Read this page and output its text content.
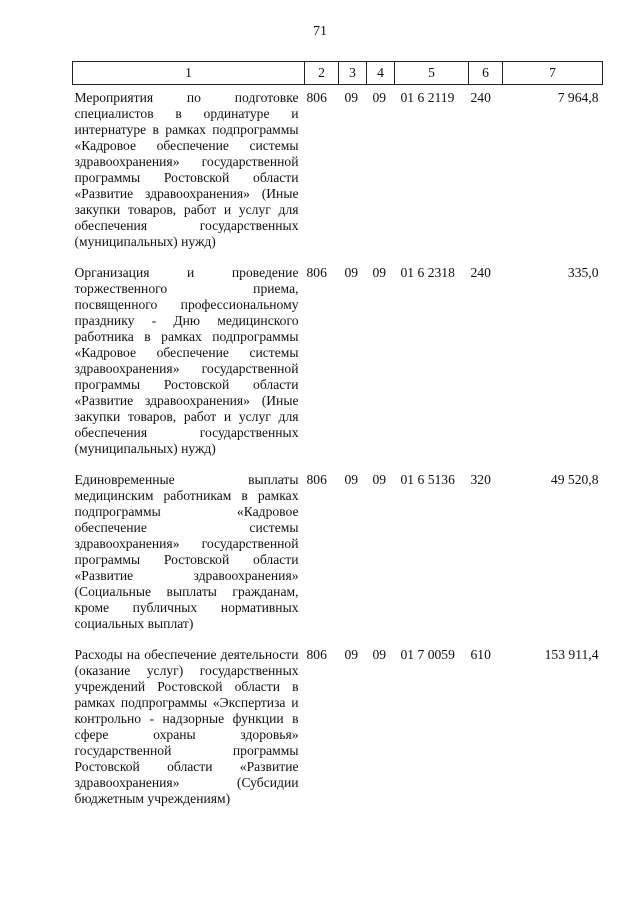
71
1	2	3	4	5	6	7
Мероприятия по подготовке специалистов в ординатуре и интернатуре в рамках подпрограммы «Кадровое обеспечение системы здравоохранения» государственной программы Ростовской области «Развитие здравоохранения» (Иные закупки товаров, работ и услуг для обеспечения государственных (муниципальных) нужд)	806	09	09	01 6 2119	240	7 964,8
Организация и проведение торжественного приема, посвященного профессиональному празднику - Дню медицинского работника в рамках подпрограммы «Кадровое обеспечение системы здравоохранения» государственной программы Ростовской области «Развитие здравоохранения» (Иные закупки товаров, работ и услуг для обеспечения государственных (муниципальных) нужд)	806	09	09	01 6 2318	240	335,0
Единовременные выплаты медицинским работникам в рамках подпрограммы «Кадровое обеспечение системы здравоохранения» государственной программы Ростовской области «Развитие здравоохранения» (Социальные выплаты гражданам, кроме публичных нормативных социальных выплат)	806	09	09	01 6 5136	320	49 520,8
Расходы на обеспечение деятельности (оказание услуг) государственных учреждений Ростовской области в рамках подпрограммы «Экспертиза и контрольно - надзорные функции в сфере охраны здоровья» государственной программы Ростовской области «Развитие здравоохранения» (Субсидии бюджетным учреждениям)	806	09	09	01 7 0059	610	153 911,4
